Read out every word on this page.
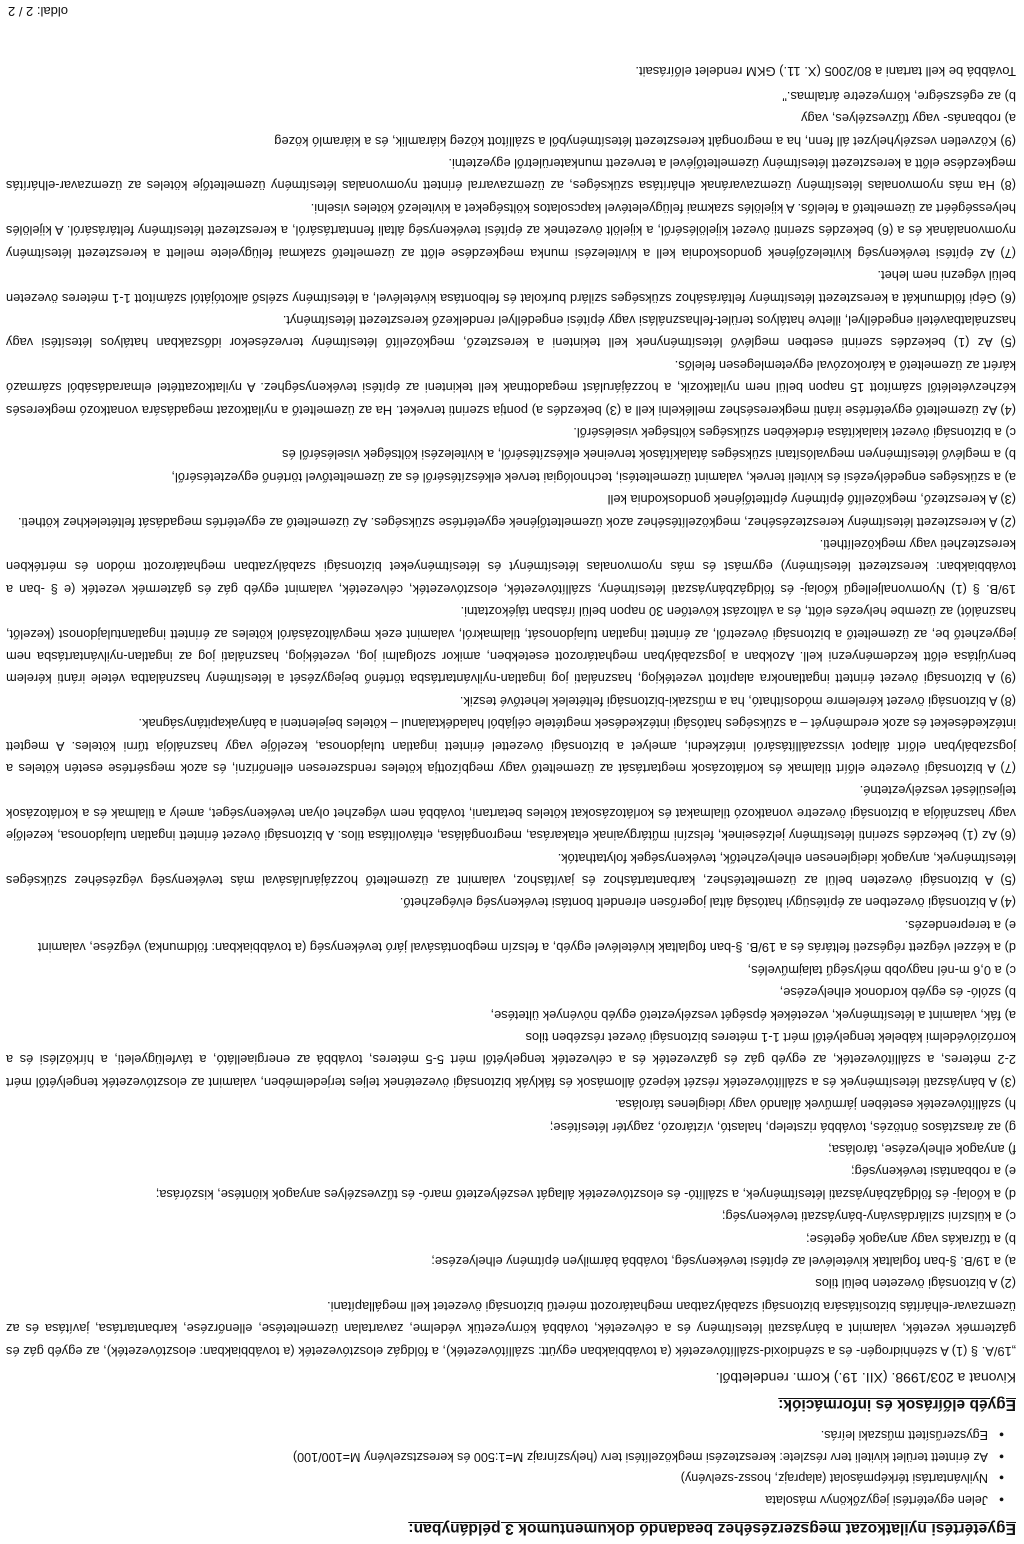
Egyetértési nyilatkozat megszerzéséhez beadandó dokumentumok 3 példányban:
• Jelen egyetértési jegyzőkönyv másolata
• Nyilvántartási térképmásolat (alaprajz, hossz-szelvény)
• Az érintett terület kiviteli terv részlete: keresztezési megközelítési terv (helyszínrajz M=1:500 és keresztszelvény M=100/100)
• Egyszerűsített műszaki leírás.
Egyéb előírások és információk:
Kivonat a 203/1998. (XII. 19.) Korm. rendeletből.

„19/A. § (1) A szénhidrogén- és a széndioxid-szállítóvezeték (a továbbiakban együtt: szállítóvezeték), a földgáz elosztóvezeték (a továbbiakban: elosztóvezeték), az egyéb gáz és gáztermék vezeték, valamint a bányászati létesítmény és a célvezeték, továbbá környezetük védelme, zavartalan üzemeltetése, ellenőrzése, karbantartása, javítása és az üzemzavar-elhárítás biztosítására biztonsági szabályzatban meghatározott méretű biztonsági övezetet kell megállapítani.

(2) A biztonsági övezeten belül tilos

a) a 19/B. §-ban foglaltak kivételével az építési tevékenység, továbbá bármilyen építmény elhelyezése;

b) a tűzrakás vagy anyagok égetése;

c) a külszíni szilárdásvány-bányászati tevékenység;

d) a kőolaj- és földgázbányászati létesítmények, a szállító- és elosztóvezeték állagát veszélyeztető maró- és tűzveszélyes anyagok kiöntése, kiszórása;

e) a robbantási tevékenység;

f) anyagok elhelyezése, tárolása;

g) az árasztásos öntözés, továbbá rizstelep, halastó, víztározó, zagytér létesítése;

h) szállítóvezeték esetében járművek állandó vagy ideiglenes tárolása.

(3) A bányászati létesítmények és a szállítóvezeték részét képező állomások és fáklyák biztonsági övezetének teljes terjedelmében, valamint az elosztóvezeték tengelyétől mért 2-2 méteres, a szállítóvezeték, az egyéb gáz és gázvezeték és a célvezeték tengelyétől mért 5-5 méteres, továbbá az energiaellátó, a távfelügyeleti, a hírközlési és a korrózióvédelmi kábelek tengelyétől mért 1-1 méteres biztonsági övezet részében tilos

a) fák, valamint a létesítmények, vezetékek épségét veszélyeztető egyéb növények ültetése,

b) szóló- és egyéb kordonok elhelyezése,

c) a 0,6 m-nél nagyobb mélységű talajművelés,

d) a kézzel végzett régészeti feltárás és a 19/B. §-ban foglaltak kivételével egyéb, a felszín megbontásával járó tevékenység (a továbbiakban: földmunka) végzése, valamint

e) a tereprendezés.

(4) A biztonsági övezetben az építésügyi hatóság által jogerősen elrendelt bontási tevékenység elvégezhető.

(5) A biztonsági övezeten belül az üzemeltetéshez, karbantartáshoz és javításhoz, valamint az üzemeltető hozzájárulásával más tevékenység végzéséhez szükséges létesítmények, anyagok ideiglenesen elhelyezhetők, tevékenységek folytathatók.

(6) Az (1) bekezdés szerinti létesítmény jelzéseinek, felszíni műtárgyainak eltakarása, megrongálása, eltávolítása tilos. A biztonsági övezet érintett ingatlan tulajdonosa, kezelője vagy használója a biztonsági övezetre vonatkozó tilalmakat és korlátozásokat köteles betartani, továbbá nem végezhet olyan tevékenységet, amely a tilalmak és a korlátozások teljesülését veszélyeztetné.

(7) A biztonsági övezetre előírt tilalmak és korlátozások megtartását az üzemeltető vagy megbízottja köteles rendszeresen ellenőrizni, és azok megsértése esetén köteles a jogszabályban előírt állapot visszaállításáról intézkedni, amelyet a biztonsági övezettel érintett ingatlan tulajdonosa, kezelője vagy használója tűrni köteles. A megtett intézkedéseket és azok eredményét – a szükséges hatósági intézkedések megtétele céljából haladéktalanul – köteles bejelenteni a bányakapitányságnak.

(8) A biztonsági övezet kérelemre módosítható, ha a műszaki-biztonsági feltételek lehetővé teszik.

(9) A biztonsági övezet érintett ingatlanokra alapított vezetékjog, használati jog ingatlan-nyilvántartásba történő bejegyzését a létesítmény használatba vétele iránti kérelem benyújtása előtt kezdeményezni kell. Azokban a jogszabályban meghatározott esetekben, amikor szolgalmi jog, vezetékjog, használati jog az ingatlan-nyilvántartásba nem jegyezhető be, az üzemeltető a biztonsági övezetről, az érintett ingatlan tulajdonosát, tilalmakról, valamint ezek megváltozásáról köteles az érintett ingatlantulajdonost (kezelőt, használót) az üzembe helyezés előtt, és a változást követően 30 napon belül írásban tájékoztatni.

19/B. § (1) Nyomvonaljellegű kőolaj- és földgázbányászati létesítmény, szállítóvezeték, elosztóvezeték, célvezeték, valamint egyéb gáz és gáztermék vezeték (e § -ban a továbbiakban: keresztezett létesítmény) egymást és más nyomvonalas létesítményt és létesítményeket biztonsági szabályzatban meghatározott módon és mértékben keresztezheti vagy megközelítheti.

(2) A keresztezett létesítmény keresztezéséhez, megközelítéséhez azok üzemeltetőjének egyetértése szükséges. Az üzemeltető az egyetértés megadását feltételekhez kötheti.

(3) A keresztező, megközelítő építmény építtetőjének gondoskodnia kell

a) a szükséges engedélyezési és kiviteli tervek, valamint üzemeltetési, technológiai tervek elkészítéséről és az üzemeltetővel történő egyeztetéséről,

b) a meglévő létesítményen megvalósítani szükséges átalakítások terveinek elkészítéséről, a kivitelezési költségek viseléséről és

c) a biztonsági övezet kialakítása érdekében szükséges költségek viseléséről.

(4) Az üzemeltető egyetértése iránti megkereséshez mellékelni kell a (3) bekezdés a) pontja szerinti terveket. Ha az üzemeltető a nyilatkozat megadására vonatkozó megkeresés kézhezvételétől számított 15 napon belül nem nyilatkozik, a hozzájárulást megadottnak kell tekinteni az építési tevékenységhez. A nyilatkozattétel elmaradásából származó kárért az üzemeltető a károkozóval egyetemlegesen felelős.

(5) Az (1) bekezdés szerinti esetben meglévő létesítménynek kell tekinteni a keresztező, megközelítő létesítmény tervezésekor időszakban hatályos létesítési vagy használatbavételi engedéllyel, illetve hatályos terület-felhasználási vagy építési engedéllyel rendelkező keresztezett létesítményt.

(6) Gépi földmunkát a keresztezett létesítmény feltárásához szükséges szilárd burkolat és felbontása kivételével, a létesítmény szélső alkotójától számított 1-1 méteres övezeten belül végezni nem lehet.

(7) Az építési tevékenység kivitelezőjének gondoskodnia kell a kivitelezési munka megkezdése előtt az üzemeltető szakmai felügyelete mellett a keresztezett létesítmény nyomvonalának és a (6) bekezdés szerinti övezet kijelöléséről, a kijelölt övezetnek az építési tevékenység általi fenntartásáról, a keresztezett létesítmény feltárásáról. A kijelölés helyességéért az üzemeltető a felelős. A kijelölés szakmai felügyeletével kapcsolatos költségeket a kivitelező köteles viselni.

(8) Ha más nyomvonalas létesítmény üzemzavarának elhárítása szükséges, az üzemzavarral érintett nyomvonalas létesítmény üzemeltetője köteles az üzemzavar-elhárítás megkezdése előtt a keresztezett létesítmény üzemeltetőjével a tervezett munkaterületről egyeztetni.

(9) Közvetlen veszélyhelyzet áll fenn, ha a megrongált keresztezett létesítményből a szállított közeg kiáramlik, és a kiáramló közeg

a) robbanás- vagy tűzveszélyes, vagy

b) az egészségre, környezetre ártalmas."

Továbbá be kell tartani a 80/2005 (X. 11.) GKM rendelet előírásait.
oldal: 2 / 2
